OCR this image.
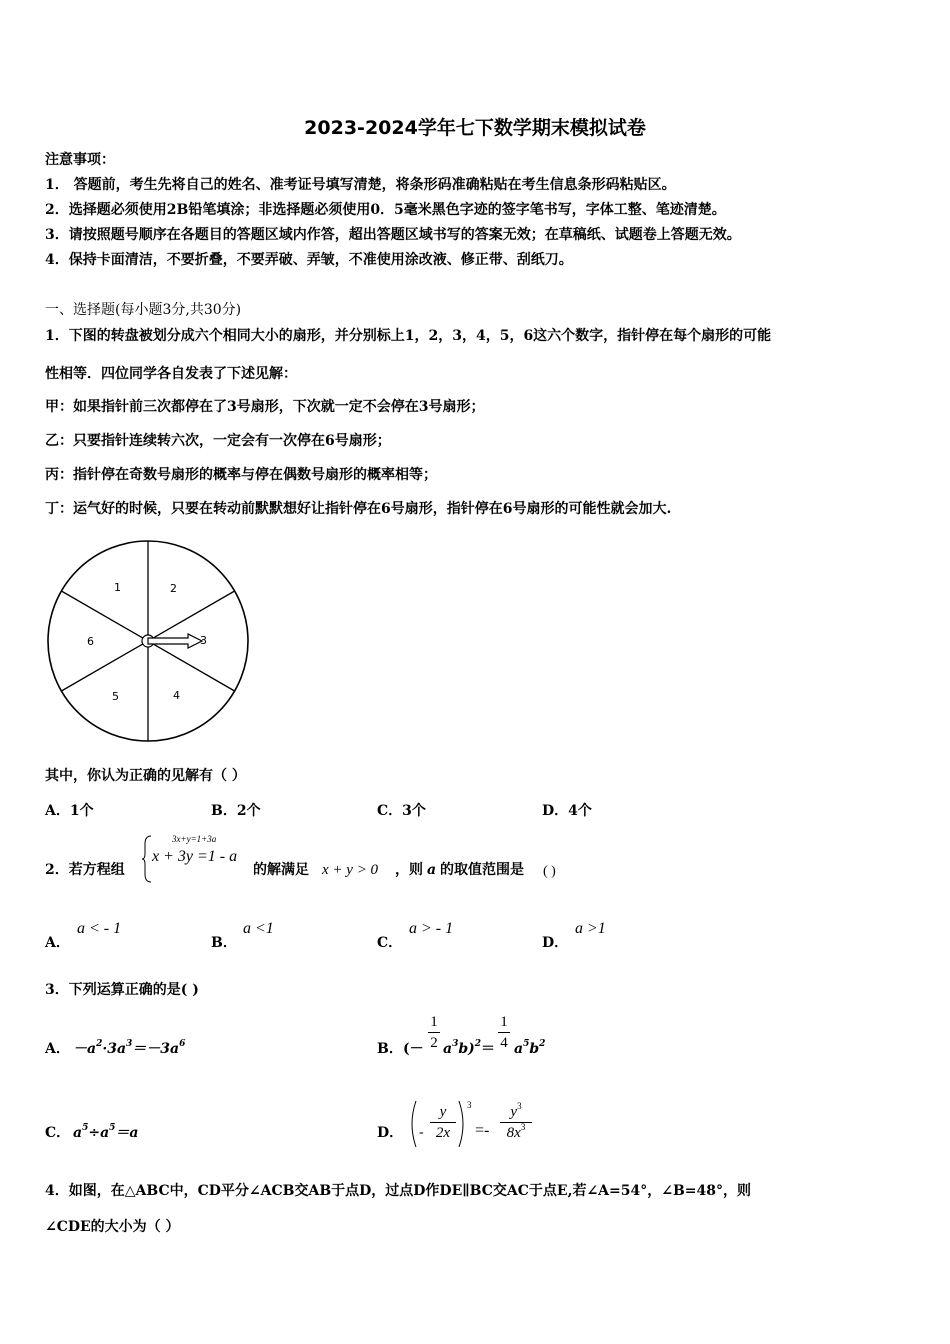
2023-2024学年七下数学期末模拟试卷
注意事项：
1． 答题前，考生先将自己的姓名、准考证号填写清楚，将条形码准确粘贴在考生信息条形码粘贴区。
2．选择题必须使用2B铅笔填涂；非选择题必须使用0．5毫米黑色字迹的签字笔书写，字体工整、笔迹清楚。
3．请按照题号顺序在各题目的答题区域内作答，超出答题区域书写的答案无效；在草稿纸、试题卷上答题无效。
4．保持卡面清洁，不要折叠，不要弄破、弄皱，不准使用涂改液、修正带、刮纸刀。
一、选择题(每小题3分,共30分)
1．下图的转盘被划分成六个相同大小的扇形，并分别标上1，2，3，4，5，6这六个数字，指针停在每个扇形的可能
性相等．四位同学各自发表了下述见解：
甲：如果指针前三次都停在了3号扇形，下次就一定不会停在3号扇形；
乙：只要指针连续转六次，一定会有一次停在6号扇形；
丙：指针停在奇数号扇形的概率与停在偶数号扇形的概率相等；
丁：运气好的时候，只要在转动前默默想好让指针停在6号扇形，指针停在6号扇形的可能性就会加大.
1	2
3
4
5
6
其中，你认为正确的见解有（ ）
A．1个	B．2个	C．3个	D．4个
2．若方程组
3x+y=1+3a
x + 3y =1 - a
的解满足 x + y > 0 ，则 a 的取值范围是 ( )
A．
a < - 1
B．
a <1
C．
a > - 1
D．
a >1
3．下列运算正确的是( )
A． $-a^2\cdot 3a^3=-3a^6$	B． (－
1
2 $a^3b)^2=$
1
4 $a^5b^2$
C． $a^5\div a^5=a$	D． -
y
2x
3
=-
$y^3$
$8x^3$
4．如图，在△ABC中，CD平分∠ACB交AB于点D，过点D作DE∥BC交AC于点E,若∠A=54°，∠B=48°，则
∠CDE的大小为（ ）
